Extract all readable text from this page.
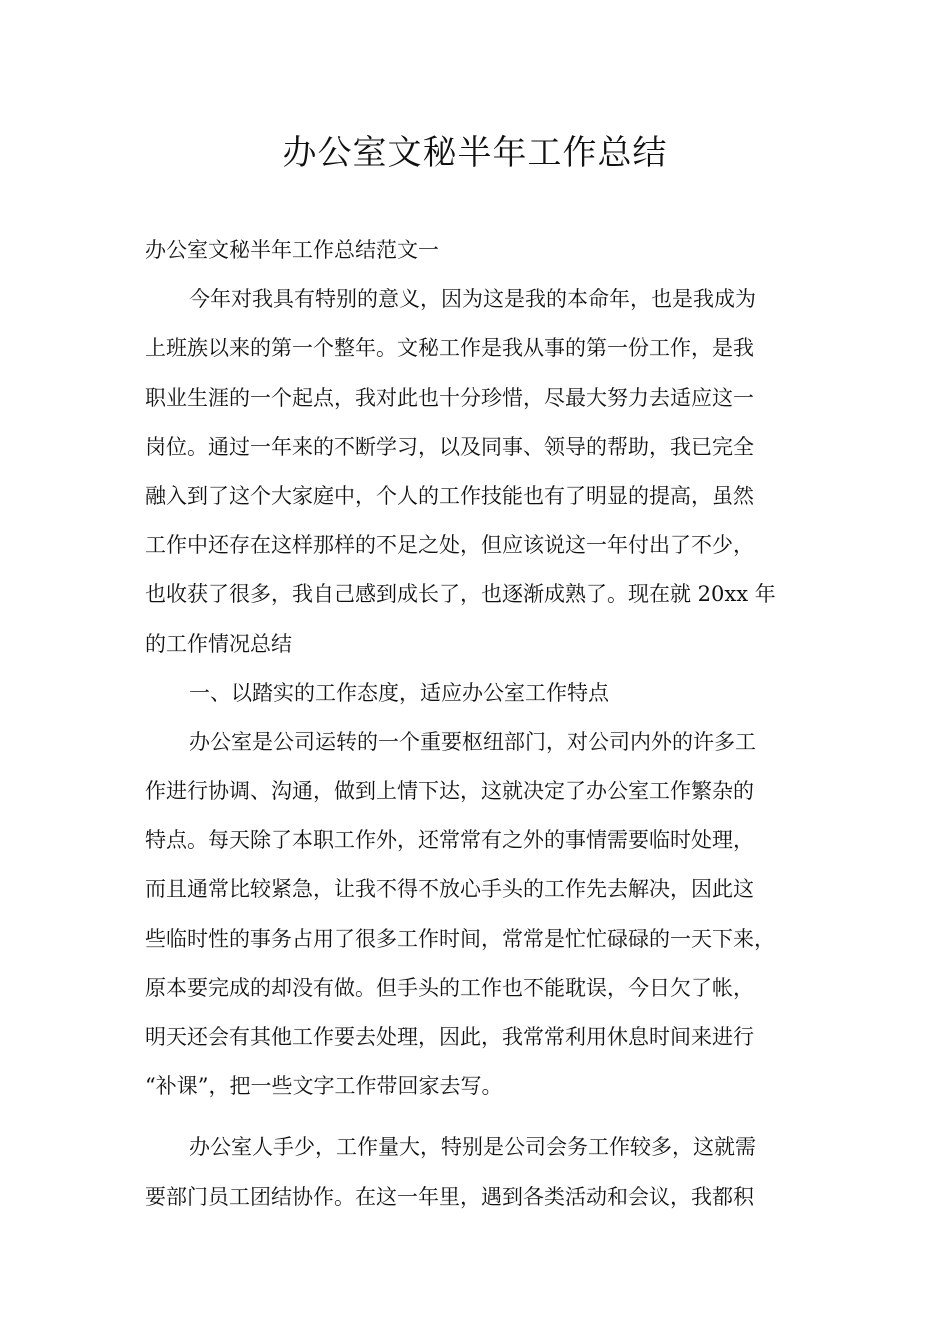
办公室文秘半年工作总结
办公室文秘半年工作总结范文一
今年对我具有特别的意义，因为这是我的本命年，也是我成为
上班族以来的第一个整年。文秘工作是我从事的第一份工作，是我
职业生涯的一个起点，我对此也十分珍惜，尽最大努力去适应这一
岗位。通过一年来的不断学习，以及同事、领导的帮助，我已完全
融入到了这个大家庭中，个人的工作技能也有了明显的提高，虽然
工作中还存在这样那样的不足之处，但应该说这一年付出了不少，
也收获了很多，我自己感到成长了，也逐渐成熟了。现在就 20xx 年
的工作情况总结
一、以踏实的工作态度，适应办公室工作特点
办公室是公司运转的一个重要枢纽部门，对公司内外的许多工
作进行协调、沟通，做到上情下达，这就决定了办公室工作繁杂的
特点。每天除了本职工作外，还常常有之外的事情需要临时处理，
而且通常比较紧急，让我不得不放心手头的工作先去解决，因此这
些临时性的事务占用了很多工作时间，常常是忙忙碌碌的一天下来，
原本要完成的却没有做。但手头的工作也不能耽误，今日欠了帐，
明天还会有其他工作要去处理，因此，我常常利用休息时间来进行
“补课”，把一些文字工作带回家去写。
办公室人手少，工作量大，特别是公司会务工作较多，这就需
要部门员工团结协作。在这一年里，遇到各类活动和会议，我都积
